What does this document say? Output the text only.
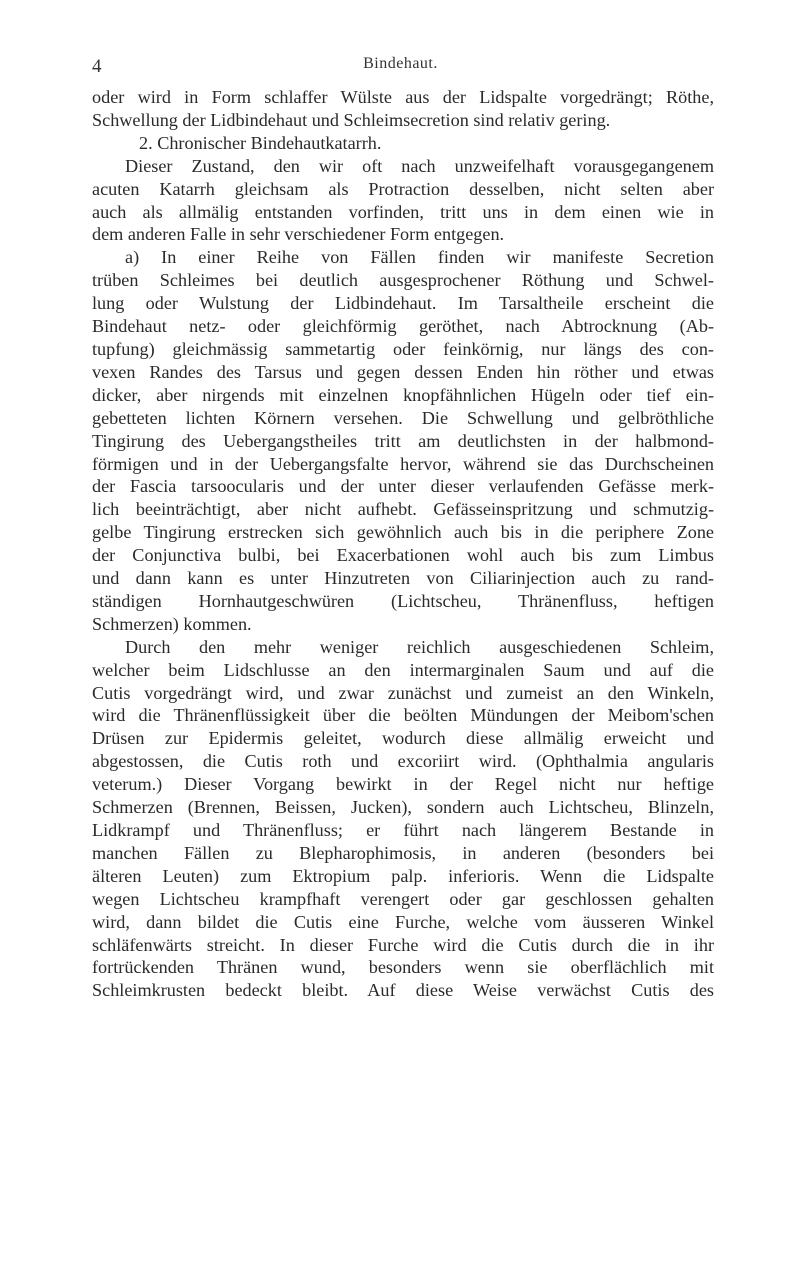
4	Bindehaut.
oder wird in Form schlaffer Wülste aus der Lidspalte vorgedrängt; Röthe,
Schwellung der Lidbindehaut und Schleimsecretion sind relativ gering.
2. Chronischer Bindehautkatarrh.
Dieser Zustand, den wir oft nach unzweifelhaft vorausgegangenem
acuten Katarrh gleichsam als Protraction desselben, nicht selten aber
auch als allmälig entstanden vorfinden, tritt uns in dem einen wie in
dem anderen Falle in sehr verschiedener Form entgegen.
a) In einer Reihe von Fällen finden wir manifeste Secretion
trüben Schleimes bei deutlich ausgesprochener Röthung und Schwel-
lung oder Wulstung der Lidbindehaut. Im Tarsaltheile erscheint die
Bindehaut netz- oder gleichförmig geröthet, nach Abtrocknung (Ab-
tupfung) gleichmässig sammetartig oder feinkörnig, nur längs des con-
vexen Randes des Tarsus und gegen dessen Enden hin röther und etwas
dicker, aber nirgends mit einzelnen knopfähnlichen Hügeln oder tief ein-
gebetteten lichten Körnern versehen. Die Schwellung und gelbröthliche
Tingirung des Uebergangstheiles tritt am deutlichsten in der halbmond-
förmigen und in der Uebergangsfalte hervor, während sie das Durchscheinen
der Fascia tarsoocularis und der unter dieser verlaufenden Gefässe merk-
lich beeinträchtigt, aber nicht aufhebt. Gefässeinspritzung und schmutzig-
gelbe Tingirung erstrecken sich gewöhnlich auch bis in die periphere Zone
der Conjunctiva bulbi, bei Exacerbationen wohl auch bis zum Limbus
und dann kann es unter Hinzutreten von Ciliarinjection auch zu rand-
ständigen Hornhautgeschwüren (Lichtscheu, Thränenfluss, heftigen
Schmerzen) kommen.
Durch den mehr weniger reichlich ausgeschiedenen Schleim,
welcher beim Lidschlusse an den intermarginalen Saum und auf die
Cutis vorgedrängt wird, und zwar zunächst und zumeist an den Winkeln,
wird die Thränenflüssigkeit über die beölten Mündungen der Meibom'schen
Drüsen zur Epidermis geleitet, wodurch diese allmälig erweicht und
abgestossen, die Cutis roth und excoriirt wird. (Ophthalmia angularis
veterum.) Dieser Vorgang bewirkt in der Regel nicht nur heftige
Schmerzen (Brennen, Beissen, Jucken), sondern auch Lichtscheu, Blinzeln,
Lidkrampf und Thränenfluss; er führt nach längerem Bestande in
manchen Fällen zu Blepharophimosis, in anderen (besonders bei
älteren Leuten) zum Ektropium palp. inferioris. Wenn die Lidspalte
wegen Lichtscheu krampfhaft verengert oder gar geschlossen gehalten
wird, dann bildet die Cutis eine Furche, welche vom äusseren Winkel
schläfenwärts streicht. In dieser Furche wird die Cutis durch die in ihr
fortrückenden Thränen wund, besonders wenn sie oberflächlich mit
Schleimkrusten bedeckt bleibt. Auf diese Weise verwächst Cutis des
